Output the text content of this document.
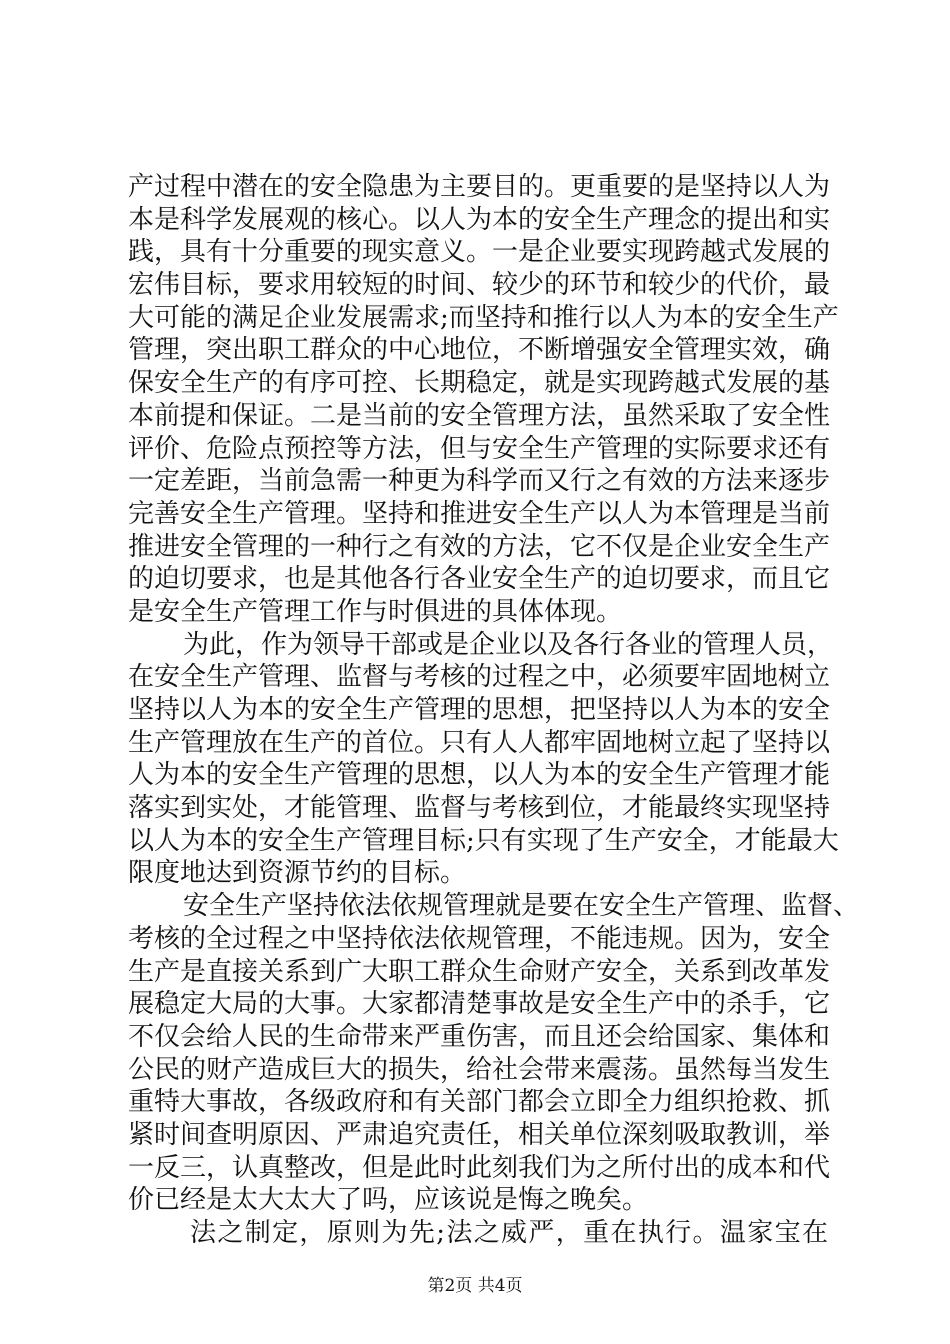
产过程中潜在的安全隐患为主要目的。更重要的是坚持以人为
本是科学发展观的核心。以人为本的安全生产理念的提出和实
践，具有十分重要的现实意义。一是企业要实现跨越式发展的
宏伟目标，要求用较短的时间、较少的环节和较少的代价，最
大可能的满足企业发展需求;而坚持和推行以人为本的安全生产
管理，突出职工群众的中心地位，不断增强安全管理实效，确
保安全生产的有序可控、长期稳定，就是实现跨越式发展的基
本前提和保证。二是当前的安全管理方法，虽然采取了安全性
评价、危险点预控等方法，但与安全生产管理的实际要求还有
一定差距，当前急需一种更为科学而又行之有效的方法来逐步
完善安全生产管理。坚持和推进安全生产以人为本管理是当前
推进安全管理的一种行之有效的方法，它不仅是企业安全生产
的迫切要求，也是其他各行各业安全生产的迫切要求，而且它
是安全生产管理工作与时俱进的具体体现。
为此，作为领导干部或是企业以及各行各业的管理人员，
在安全生产管理、监督与考核的过程之中，必须要牢固地树立
坚持以人为本的安全生产管理的思想，把坚持以人为本的安全
生产管理放在生产的首位。只有人人都牢固地树立起了坚持以
人为本的安全生产管理的思想，以人为本的安全生产管理才能
落实到实处，才能管理、监督与考核到位，才能最终实现坚持
以人为本的安全生产管理目标;只有实现了生产安全，才能最大
限度地达到资源节约的目标。
安全生产坚持依法依规管理就是要在安全生产管理、监督、
考核的全过程之中坚持依法依规管理，不能违规。因为，安全
生产是直接关系到广大职工群众生命财产安全，关系到改革发
展稳定大局的大事。大家都清楚事故是安全生产中的杀手，它
不仅会给人民的生命带来严重伤害，而且还会给国家、集体和
公民的财产造成巨大的损失，给社会带来震荡。虽然每当发生
重特大事故，各级政府和有关部门都会立即全力组织抢救、抓
紧时间查明原因、严肃追究责任，相关单位深刻吸取教训，举
一反三，认真整改，但是此时此刻我们为之所付出的成本和代
价已经是太大太大了吗，应该说是悔之晚矣。
法之制定，原则为先;法之威严，重在执行。温家宝在
第2页 共4页
